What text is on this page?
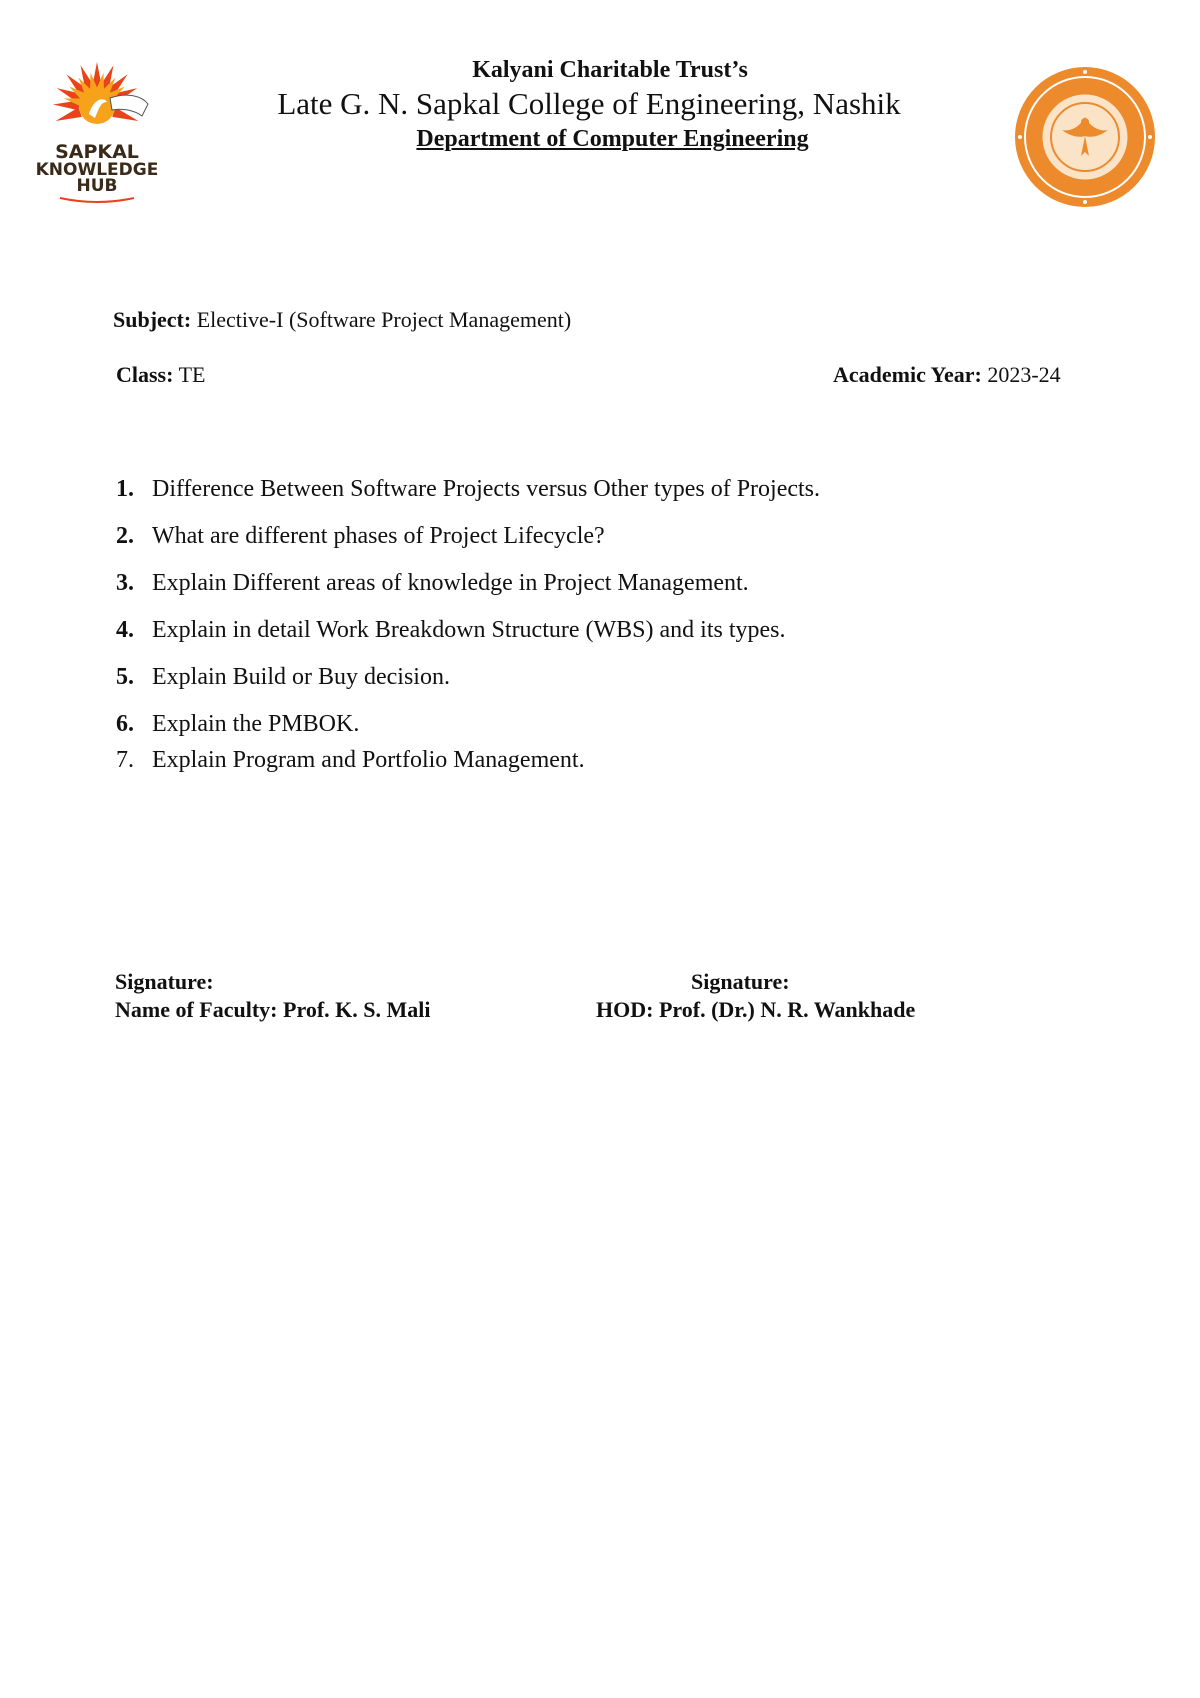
SAPKAL
KNOWLEDGE
HUB
Kalyani Charitable Trust’s
Late G. N. Sapkal College of Engineering, Nashik
Department of Computer Engineering
Subject: Elective-I (Software Project Management)
Class: TE	Academic Year: 2023-24
1. Difference Between Software Projects versus Other types of Projects.
2. What are different phases of Project Lifecycle?
3. Explain Different areas of knowledge in Project Management.
4. Explain in detail Work Breakdown Structure (WBS) and its types.
5. Explain Build or Buy decision.
6. Explain the PMBOK.
7. Explain Program and Portfolio Management.
Signature:
Name of Faculty: Prof. K. S. Mali
Signature:
HOD: Prof. (Dr.) N. R. Wankhade
